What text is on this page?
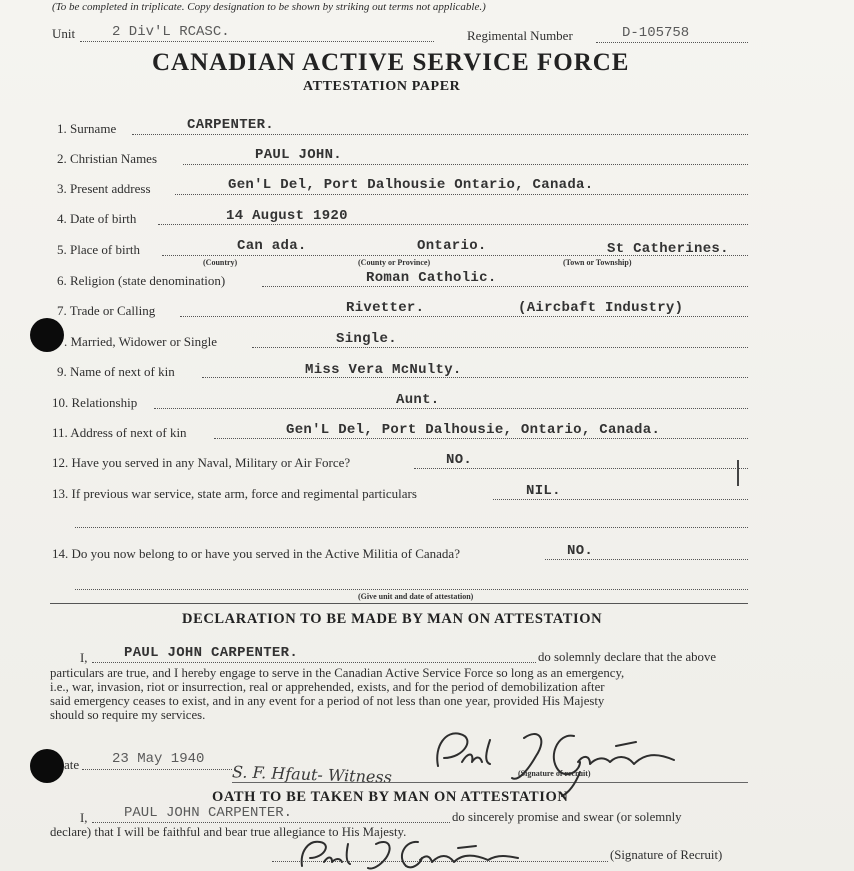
(To be completed in triplicate. Copy designation to be shown by striking out terms not applicable.)
Unit	2 Div'L RCASC.	Regimental Number	D-105758
CANADIAN ACTIVE SERVICE FORCE
ATTESTATION PAPER
1. Surname	CARPENTER.
2. Christian Names	PAUL JOHN.
3. Present address	Gen'L Del, Port Dalhousie Ontario, Canada.
4. Date of birth	14 August 1920
5. Place of birth	Can ada.	Ontario.	St Catherines.
(Country)	(County or Province)	(Town or Township)
6. Religion (state denomination)	Roman Catholic.
7. Trade or Calling	Rivetter.	(Aircbaft Industry)
. Married, Widower or Single	Single.
9. Name of next of kin	Miss Vera McNulty.
10. Relationship	Aunt.
11. Address of next of kin	Gen'L Del, Port Dalhousie, Ontario, Canada.
12. Have you served in any Naval, Military or Air Force?	NO.
13. If previous war service, state arm, force and regimental particulars	NIL.
14. Do you now belong to or have you served in the Active Militia of Canada?	NO.
(Give unit and date of attestation)
DECLARATION TO BE MADE BY MAN ON ATTESTATION
I,	PAUL JOHN CARPENTER.	do solemnly declare that the above
particulars are true, and I hereby engage to serve in the Canadian Active Service Force so long as an emergency,
i.e., war, invasion, riot or insurrection, real or apprehended, exists, and for the period of demobilization after
said emergency ceases to exist, and in any event for a period of not less than one year, provided His Majesty
should so require my services.
ate 23 May 1940
S. F. Hfaut- Witness	(Signature of recruit)
OATH TO BE TAKEN BY MAN ON ATTESTATION
I,	PAUL JOHN CARPENTER.	do sincerely promise and swear (or solemnly
declare) that I will be faithful and bear true allegiance to His Majesty.
(Signature of Recruit)
